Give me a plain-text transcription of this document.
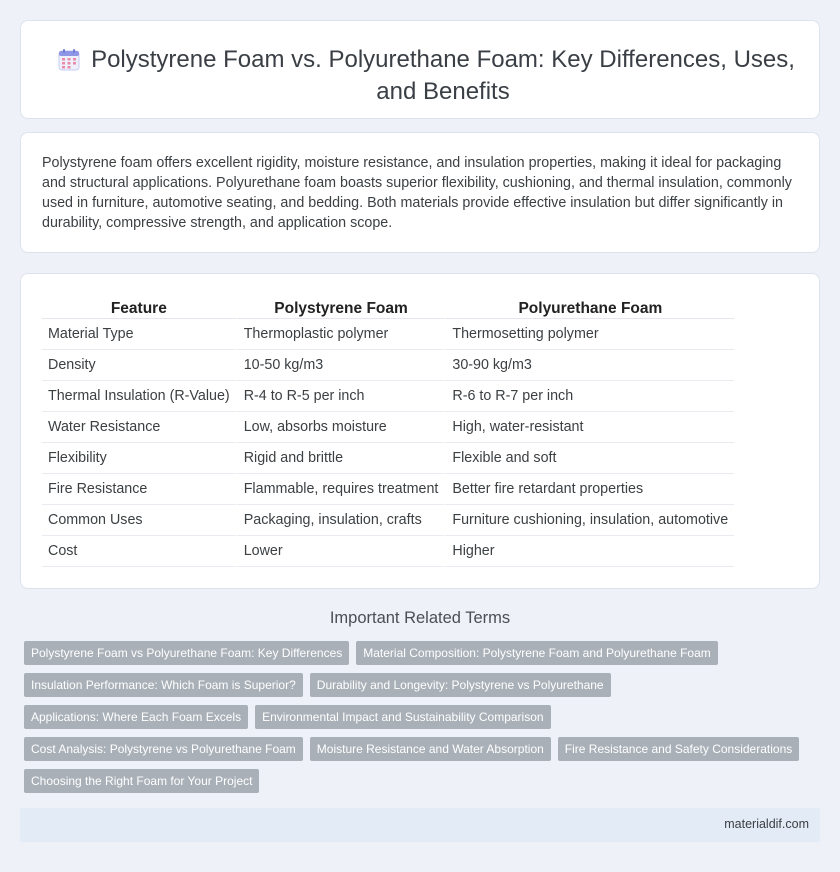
Polystyrene Foam vs. Polyurethane Foam: Key Differences, Uses, and Benefits

Polystyrene foam offers excellent rigidity, moisture resistance, and insulation properties, making it ideal for packaging and structural applications. Polyurethane foam boasts superior flexibility, cushioning, and thermal insulation, commonly used in furniture, automotive seating, and bedding. Both materials provide effective insulation but differ significantly in durability, compressive strength, and application scope.

Feature	Polystyrene Foam	Polyurethane Foam
Material Type	Thermoplastic polymer	Thermosetting polymer
Density	10-50 kg/m3	30-90 kg/m3
Thermal Insulation (R-Value)	R-4 to R-5 per inch	R-6 to R-7 per inch
Water Resistance	Low, absorbs moisture	High, water-resistant
Flexibility	Rigid and brittle	Flexible and soft
Fire Resistance	Flammable, requires treatment	Better fire retardant properties
Common Uses	Packaging, insulation, crafts	Furniture cushioning, insulation, automotive
Cost	Lower	Higher
Important Related Terms
Polystyrene Foam vs Polyurethane Foam: Key Differences	Material Composition: Polystyrene Foam and Polyurethane Foam
Insulation Performance: Which Foam is Superior?	Durability and Longevity: Polystyrene vs Polyurethane
Applications: Where Each Foam Excels	Environmental Impact and Sustainability Comparison
Cost Analysis: Polystyrene vs Polyurethane Foam	Moisture Resistance and Water Absorption	Fire Resistance and Safety Considerations
Choosing the Right Foam for Your Project
materialdif.com
